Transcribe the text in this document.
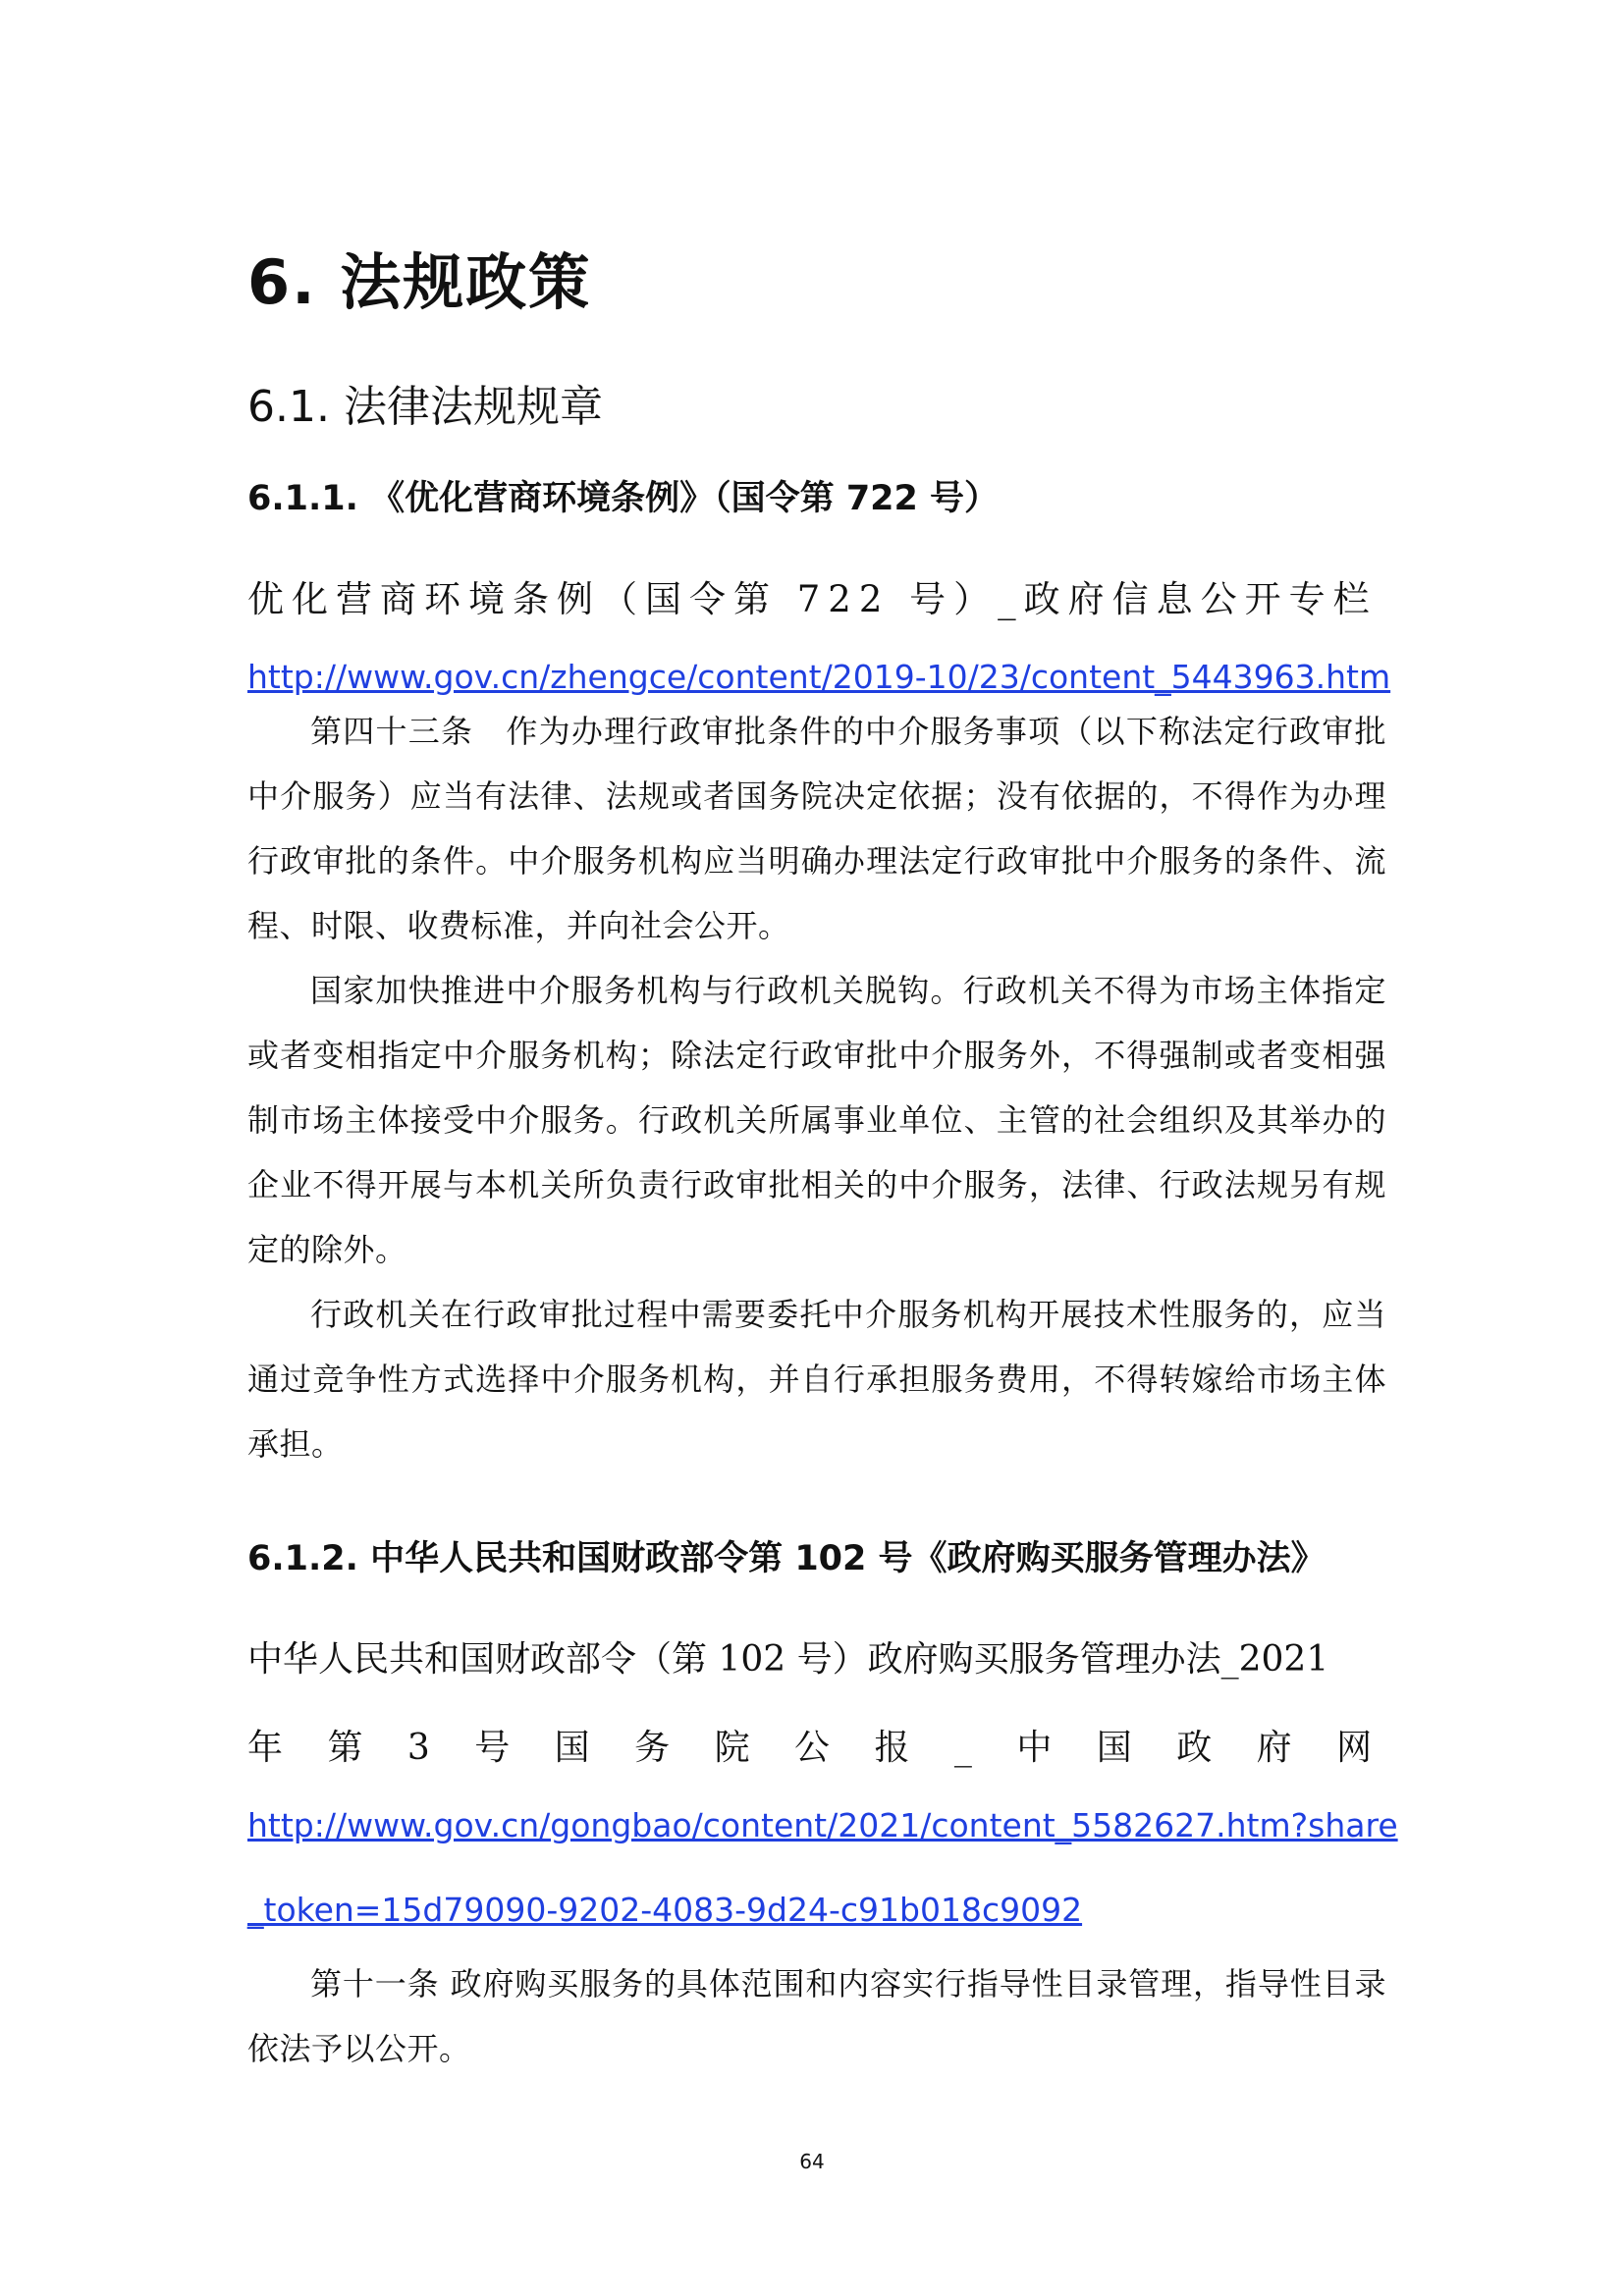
6. 法规政策
6.1. 法律法规规章
6.1.1. 《优化营商环境条例》（国令第 722 号）
优化营商环境条例（国令第 722 号）_政府信息公开专栏
http://www.gov.cn/zhengce/content/2019-10/23/content_5443963.htm

第四十三条　作为办理行政审批条件的中介服务事项（以下称法定行政审批中介服务）应当有法律、法规或者国务院决定依据；没有依据的，不得作为办理行政审批的条件。中介服务机构应当明确办理法定行政审批中介服务的条件、流程、时限、收费标准，并向社会公开。

国家加快推进中介服务机构与行政机关脱钩。行政机关不得为市场主体指定或者变相指定中介服务机构；除法定行政审批中介服务外，不得强制或者变相强制市场主体接受中介服务。行政机关所属事业单位、主管的社会组织及其举办的企业不得开展与本机关所负责行政审批相关的中介服务，法律、行政法规另有规定的除外。

行政机关在行政审批过程中需要委托中介服务机构开展技术性服务的，应当通过竞争性方式选择中介服务机构，并自行承担服务费用，不得转嫁给市场主体承担。

6.1.2. 中华人民共和国财政部令第 102 号《政府购买服务管理办法》
中华人民共和国财政部令（第 102 号）政府购买服务管理办法_2021
年 第 3 号 国 务 院 公 报 _ 中 国 政 府 网
http://www.gov.cn/gongbao/content/2021/content_5582627.htm?share
_token=15d79090-9202-4083-9d24-c91b018c9092

第十一条 政府购买服务的具体范围和内容实行指导性目录管理，指导性目录依法予以公开。

64
